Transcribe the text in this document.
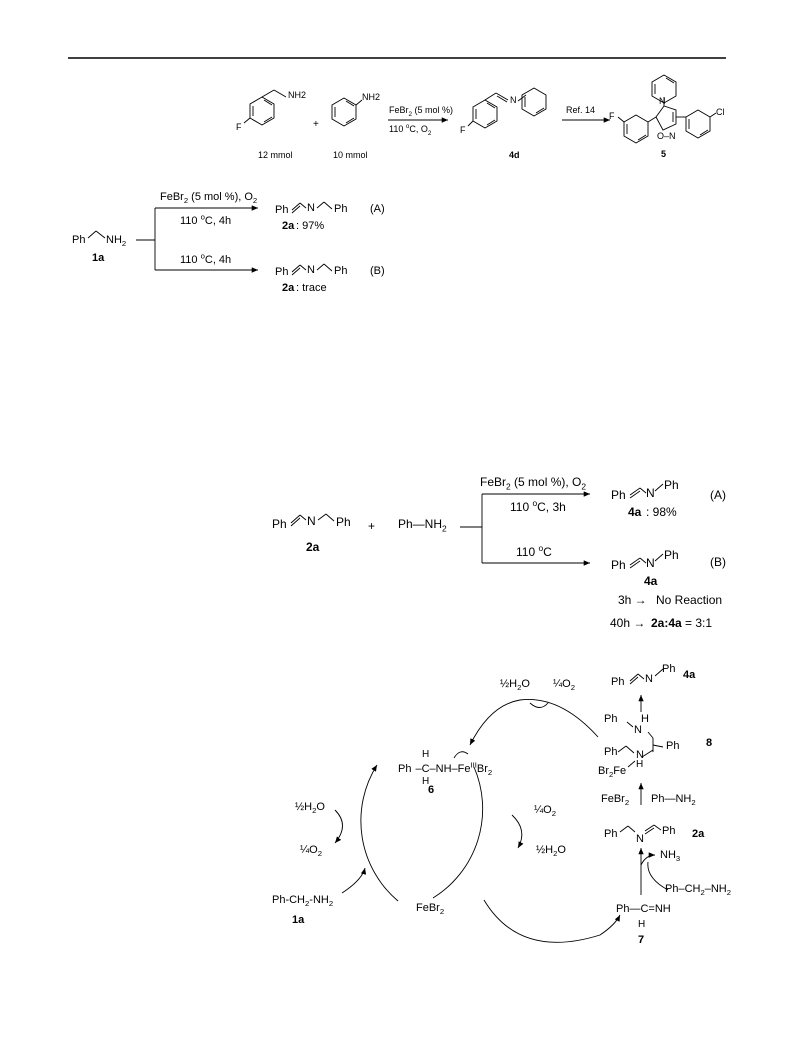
F
NH2
12 mmol
+
NH2
10 mmol
FeBr$_2$ (5 mol %)
110 $^o$C, $O_2$	F
N
4d
Ref. 14
F
N
O–N
Cl
5
Ph $NH_2$
1a
FeBr$_2$ (5 mol %), $O_2$
110 $^o$C, 4h
110 $^o$C, 4h
Ph N Ph
2a : 97%
(A)
Ph N Ph
2a : trace
(B)
Ph N Ph
2a
+ $Ph—NH_2$
FeBr$_2$ (5 mol %), $O_2$
110 $^o$C, 3h
110 $^o$C
Ph N
Ph
4a : 98%
(A)
Ph N
Ph
4a
(B)
3h → No Reaction
40h → 2a:4a = 3:1
Ph N
Ph 4a
$\frac{1}{2}H_2O$ $\frac{1}{4}O_2$
Ph $-C-NH-Fe^{III}Br_2$
H
H
6
Ph H
N
Ph N
H
Ph
$Br_2Fe$
8
FeBr$_2$ $Ph—NH_2$
$\frac{1}{2}H_2O$
$\frac{1}{4}O_2$
$\frac{1}{4}O_2$
$\frac{1}{2}H_2O$
Ph N
Ph 2a
$NH_3$
$Ph-CH_2-NH_2$
$Ph-CH_2-NH_2$
1a
FeBr$_2$	Ph—C=NH
H
7
